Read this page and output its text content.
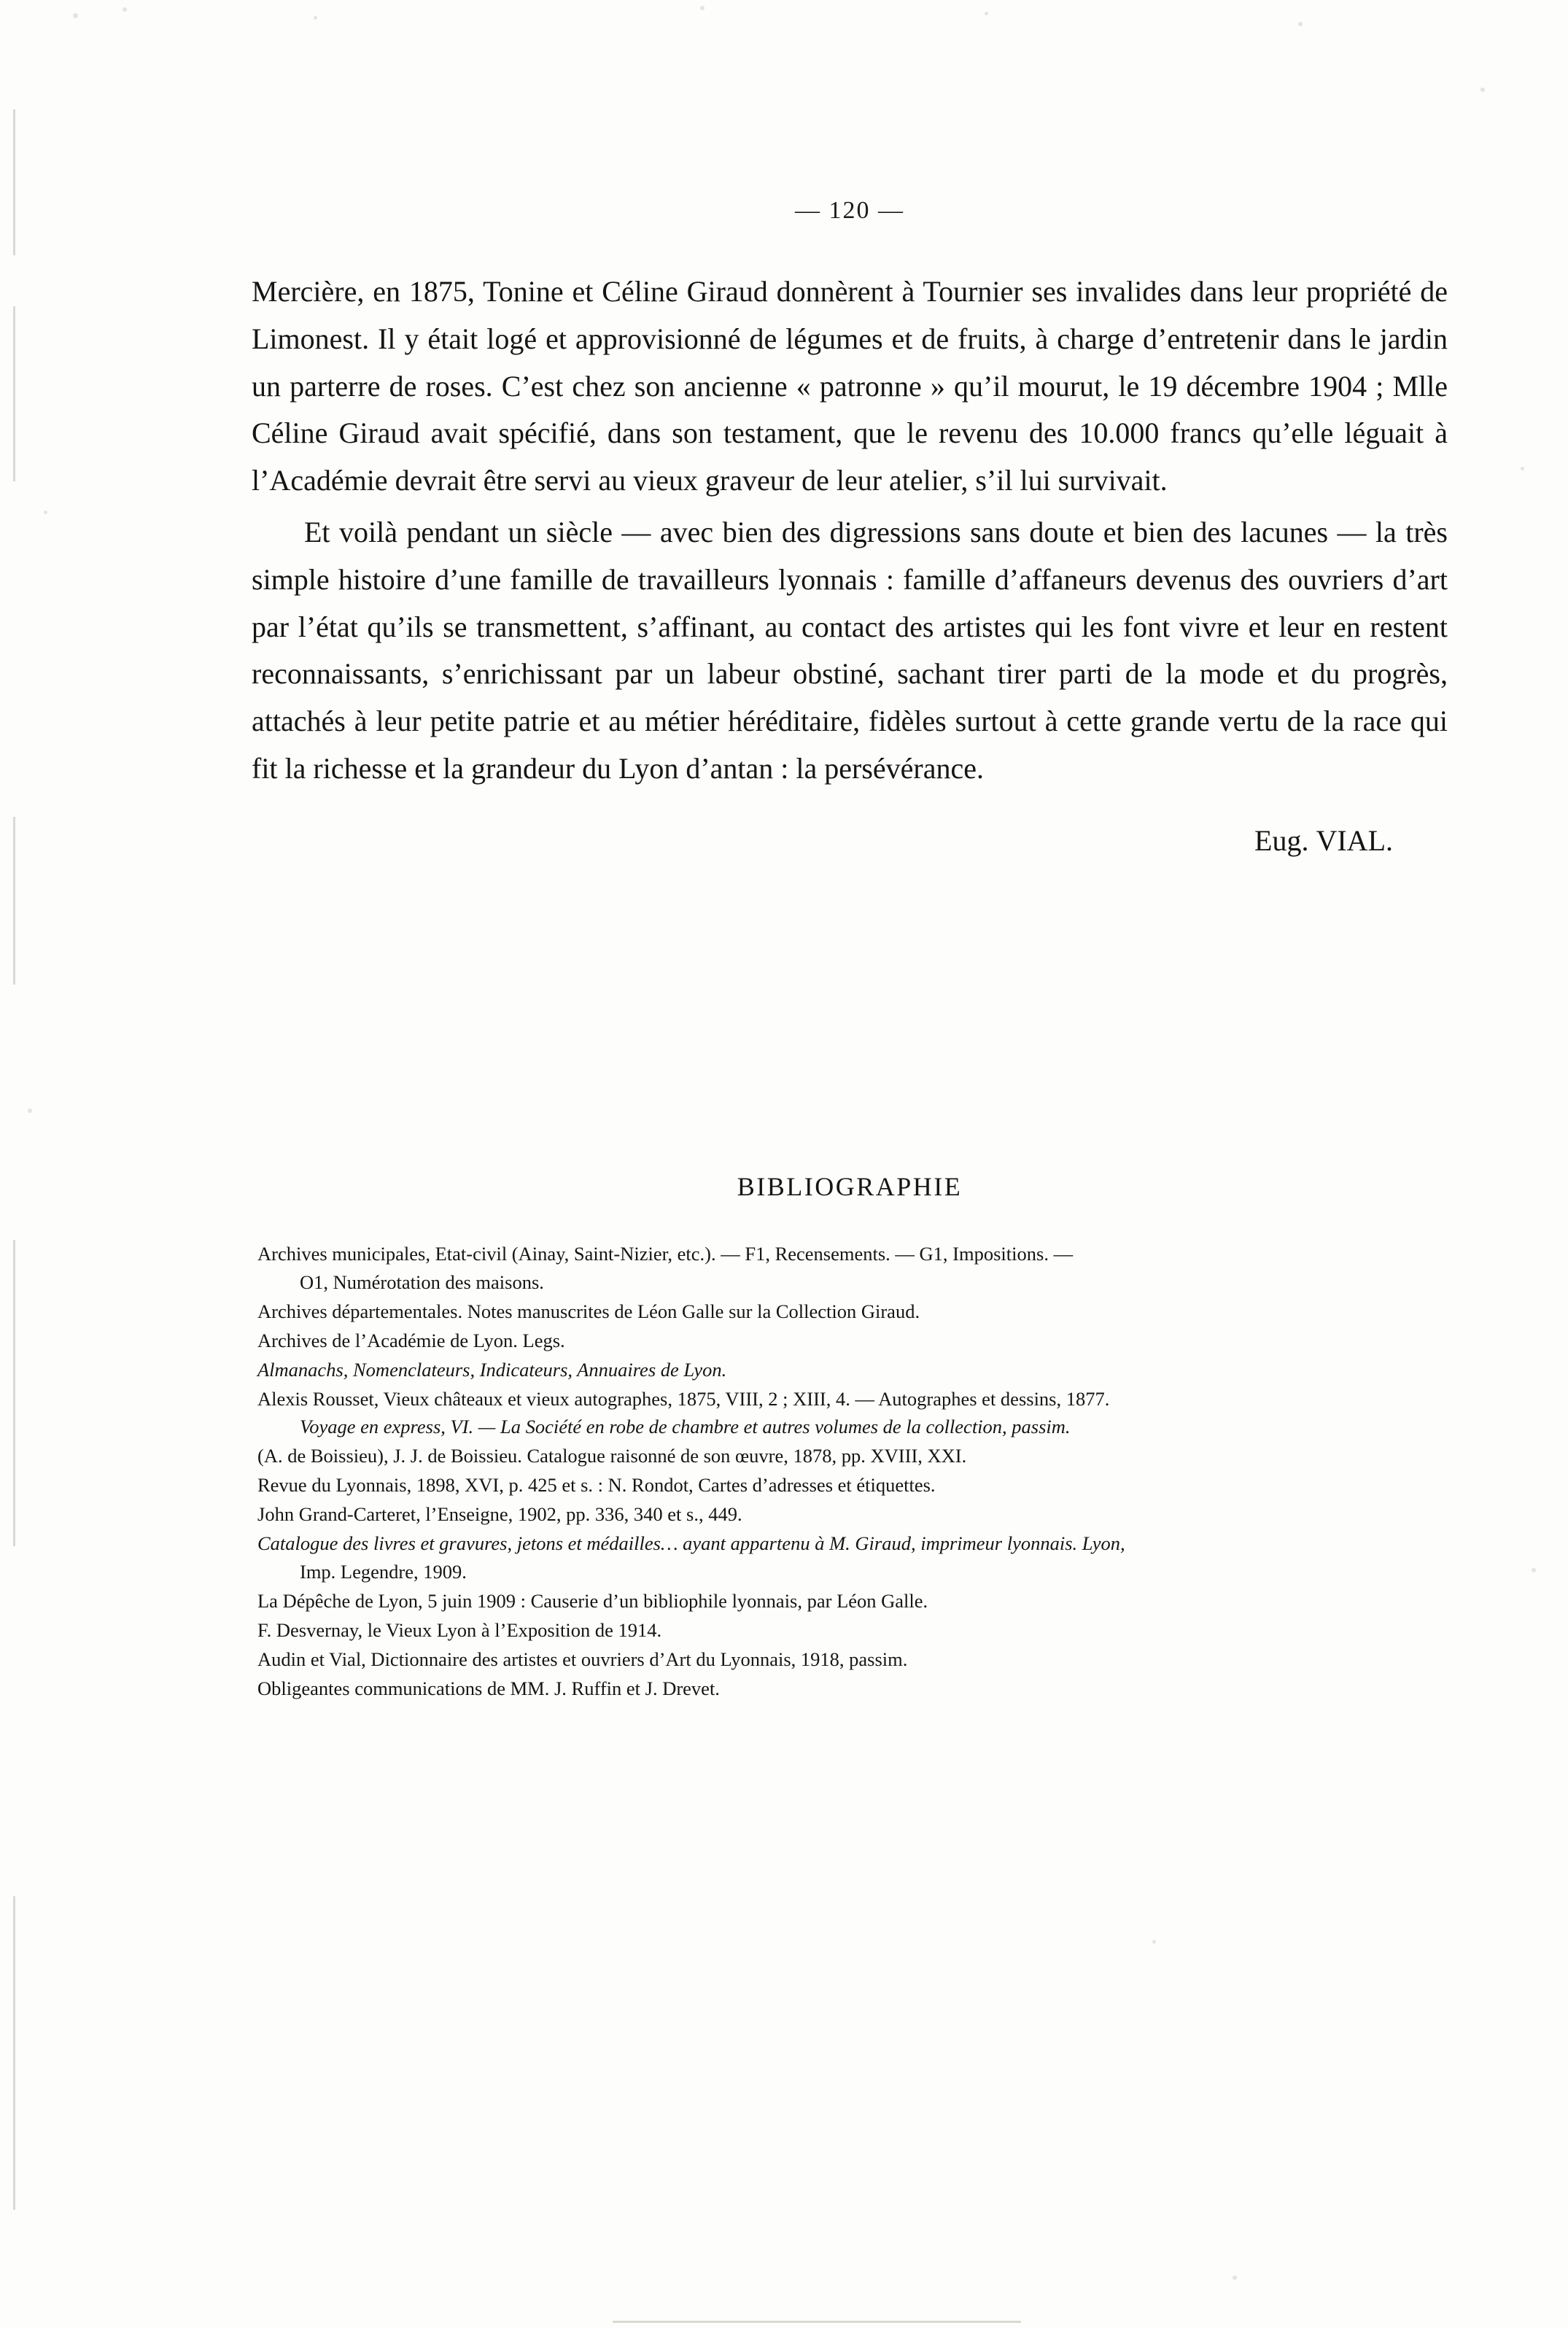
— 120 —

Mercière, en 1875, Tonine et Céline Giraud donnèrent à Tournier ses invalides dans leur propriété de Limonest. Il y était logé et approvisionné de légumes et de fruits, à charge d’entretenir dans le jardin un parterre de roses. C’est chez son ancienne « patronne » qu’il mourut, le 19 décembre 1904 ; Mlle Céline Giraud avait spécifié, dans son testament, que le revenu des 10.000 francs qu’elle léguait à l’Académie devrait être servi au vieux graveur de leur atelier, s’il lui survivait.

Et voilà pendant un siècle — avec bien des digressions sans doute et bien des lacunes — la très simple histoire d’une famille de travailleurs lyonnais : famille d’affaneurs devenus des ouvriers d’art par l’état qu’ils se transmettent, s’affinant, au contact des artistes qui les font vivre et leur en restent reconnaissants, s’enrichissant par un labeur obstiné, sachant tirer parti de la mode et du progrès, attachés à leur petite patrie et au métier héréditaire, fidèles surtout à cette grande vertu de la race qui fit la richesse et la grandeur du Lyon d’antan : la persévérance.

Eug. VIAL.
BIBLIOGRAPHIE

Archives municipales, Etat-civil (Ainay, Saint-Nizier, etc.). — F1, Recensements. — G1, Impositions. —
O1, Numérotation des maisons.

Archives départementales. Notes manuscrites de Léon Galle sur la Collection Giraud.

Archives de l’Académie de Lyon. Legs.

Almanachs, Nomenclateurs, Indicateurs, Annuaires de Lyon.

Alexis Rousset, Vieux châteaux et vieux autographes, 1875, VIII, 2 ; XIII, 4. — Autographes et dessins, 1877.
Voyage en express, VI. — La Société en robe de chambre et autres volumes de la collection, passim.

(A. de Boissieu), J. J. de Boissieu. Catalogue raisonné de son œuvre, 1878, pp. XVIII, XXI.

Revue du Lyonnais, 1898, XVI, p. 425 et s. : N. Rondot, Cartes d’adresses et étiquettes.

John Grand-Carteret, l’Enseigne, 1902, pp. 336, 340 et s., 449.

Catalogue des livres et gravures, jetons et médailles… ayant appartenu à M. Giraud, imprimeur lyonnais. Lyon,
Imp. Legendre, 1909.

La Dépêche de Lyon, 5 juin 1909 : Causerie d’un bibliophile lyonnais, par Léon Galle.

F. Desvernay, le Vieux Lyon à l’Exposition de 1914.

Audin et Vial, Dictionnaire des artistes et ouvriers d’Art du Lyonnais, 1918, passim.

Obligeantes communications de MM. J. Ruffin et J. Drevet.
